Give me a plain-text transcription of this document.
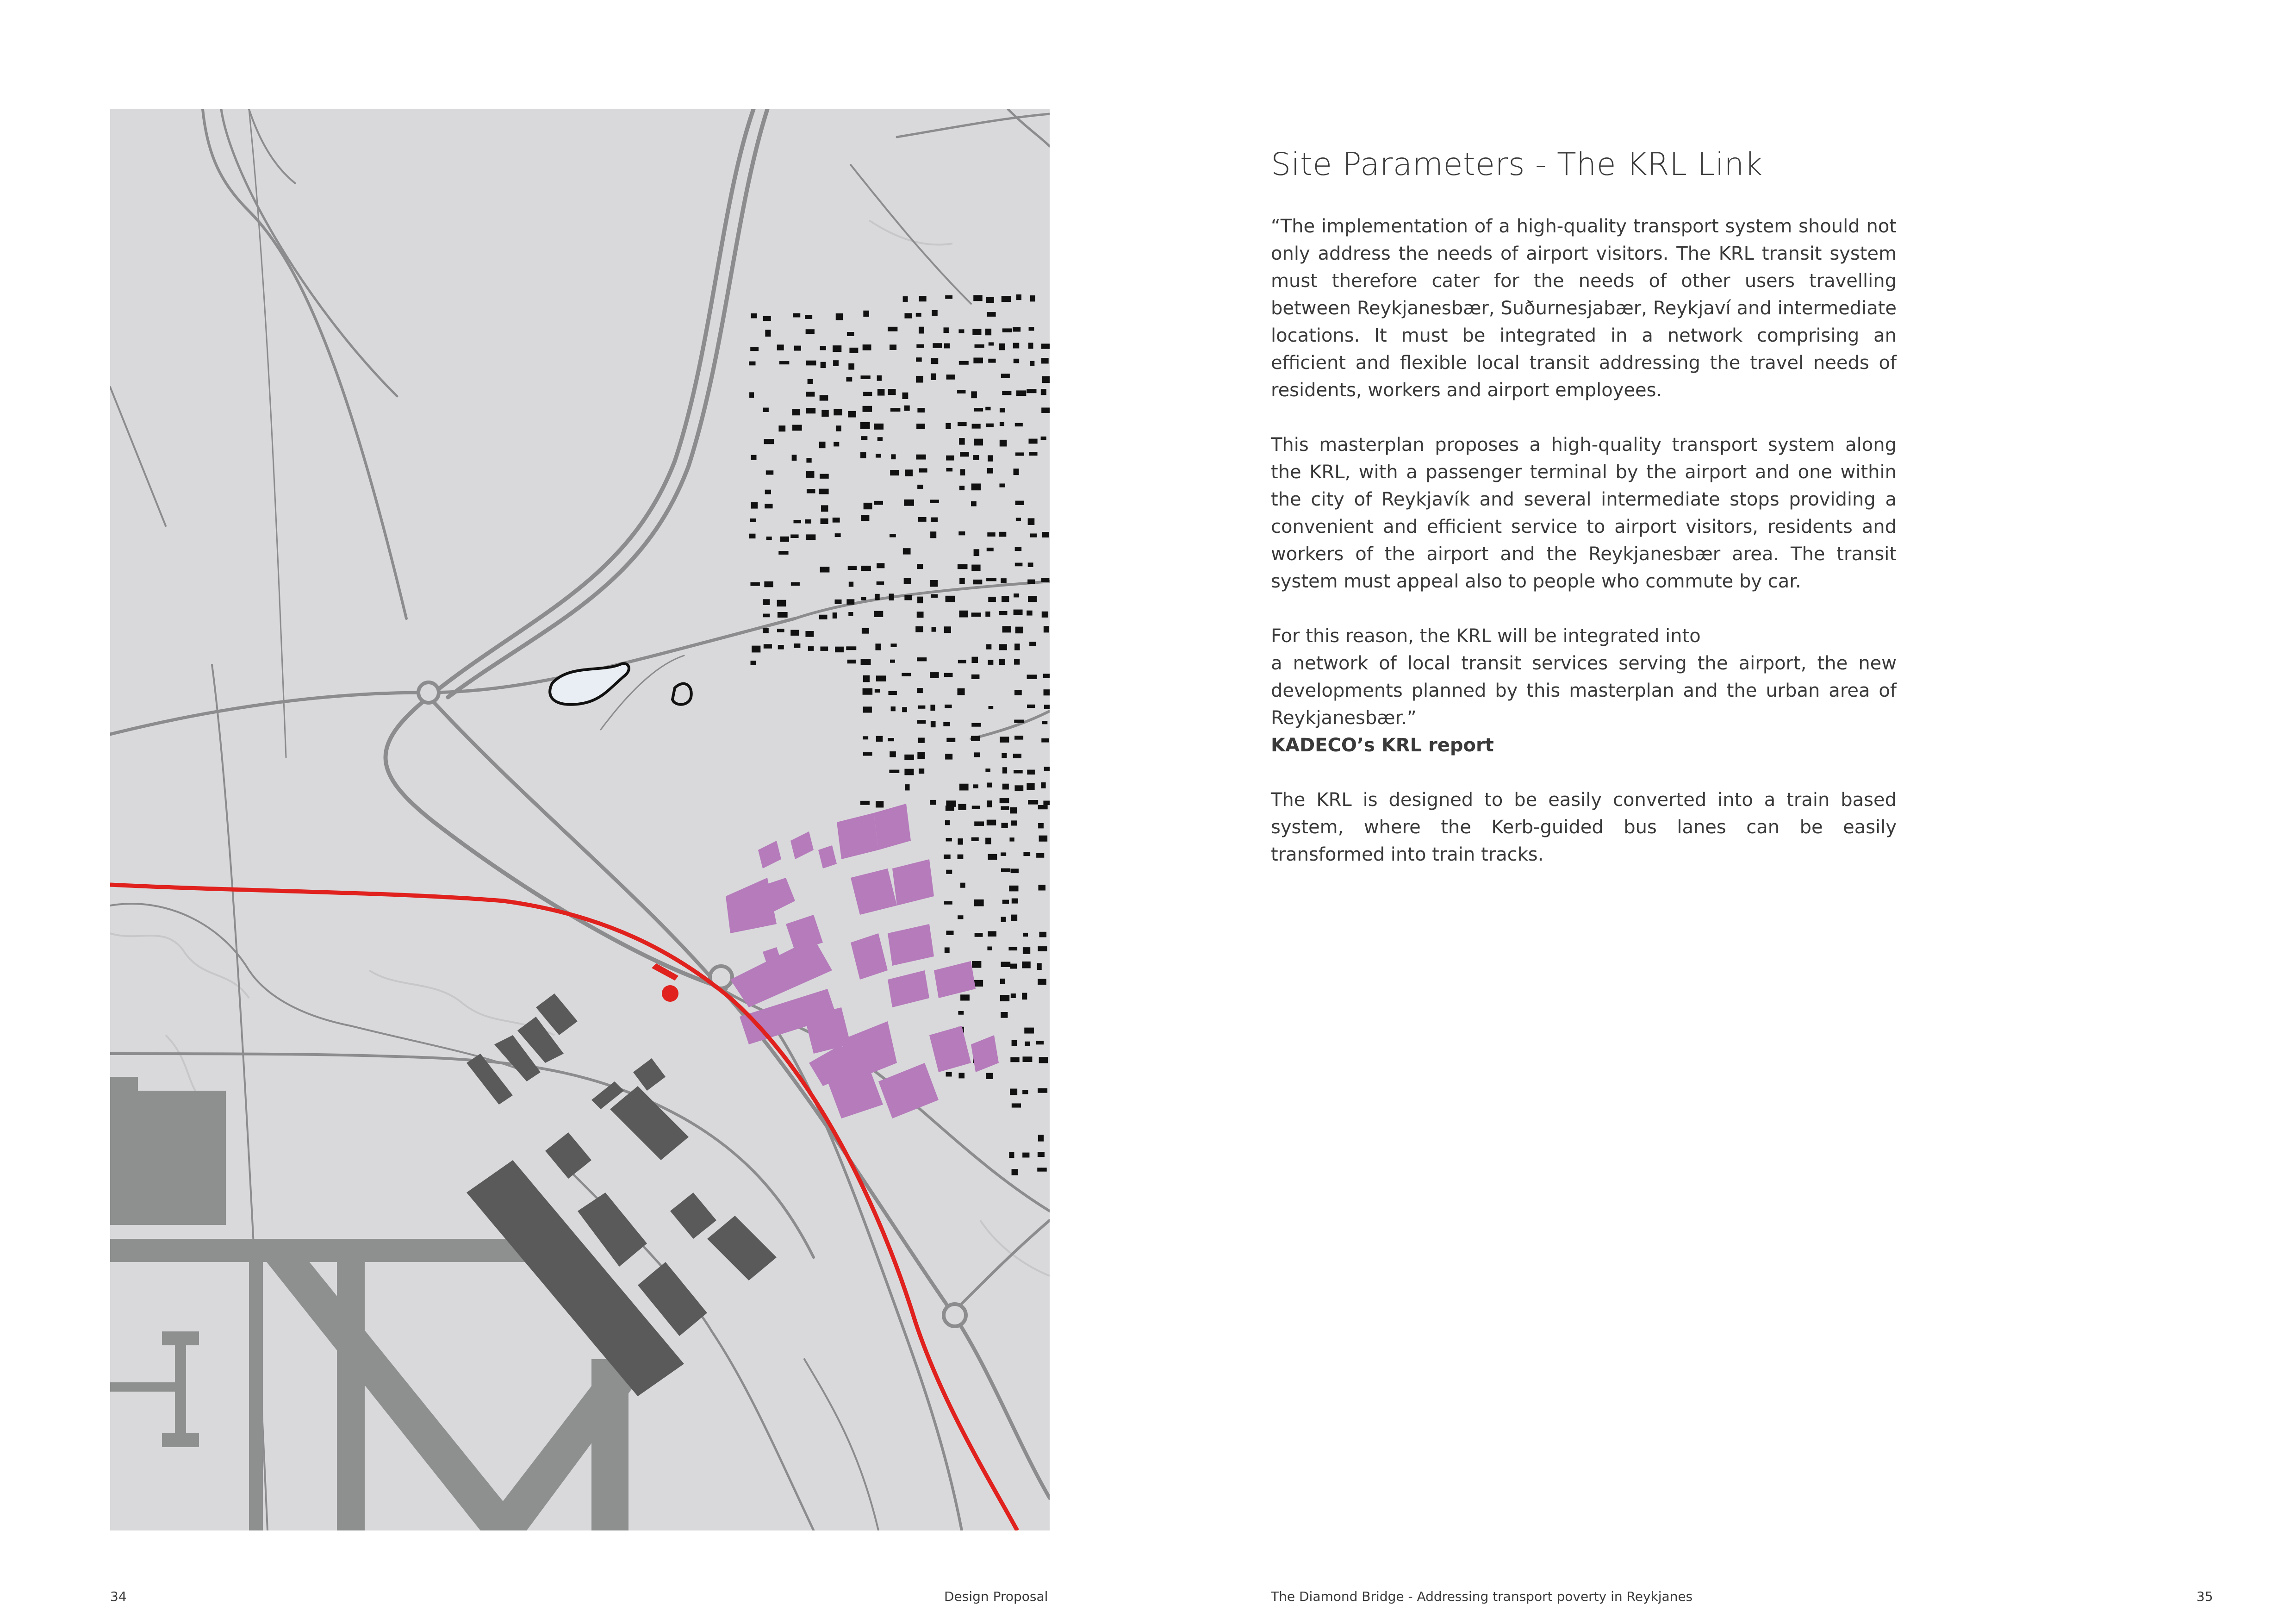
Site Parameters - The KRL Link

“The implementation of a high-quality transport system should not only address the needs of airport visitors. The KRL transit system must therefore cater for the needs of other users travelling between Reykjanesbær, Suðurnesjabær, Reykjaví and intermediate locations. It must be integrated in a network comprising an efficient and flexible local transit addressing the travel needs of residents, workers and airport employees.

This masterplan proposes a high-quality transport system along the KRL, with a passenger terminal by the airport and one within the city of Reykjavík and several intermediate stops providing a convenient and efficient service to airport visitors, residents and workers of the airport and the Reykjanesbær area. The transit system must appeal also to people who commute by car.

For this reason, the KRL will be integrated into

a network of local transit services serving the airport, the new developments planned by this masterplan and the urban area of Reykjanesbær.”

KADECO’s KRL report

The KRL is designed to be easily converted into a train based system, where the Kerb-guided bus lanes can be easily transformed into train tracks.

34	Design Proposal	The Diamond Bridge - Addressing transport poverty in Reykjanes	35
